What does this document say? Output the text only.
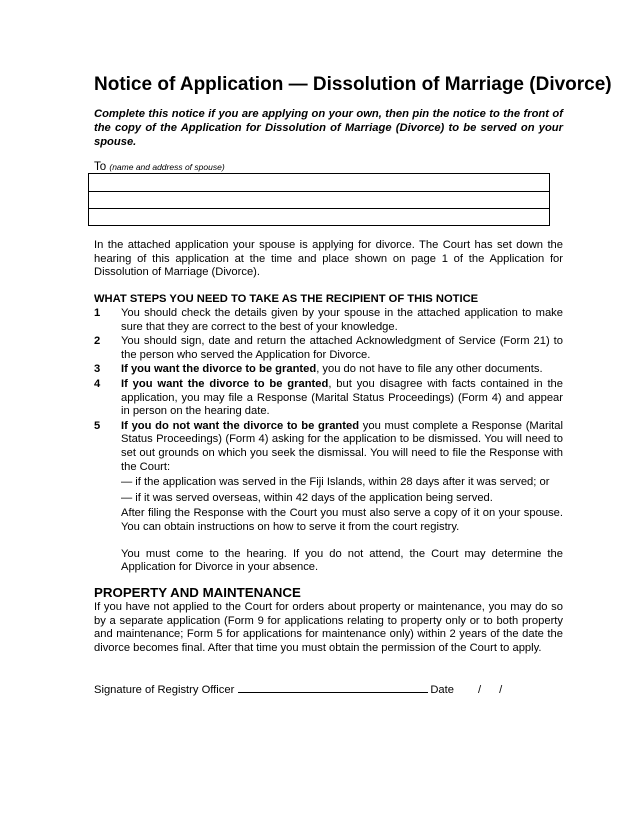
Notice of Application — Dissolution of Marriage (Divorce)
Complete this notice if you are applying on your own, then pin the notice to the front of the copy of the Application for Dissolution of Marriage (Divorce) to be served on your spouse.
To (name and address of spouse)
In the attached application your spouse is applying for divorce. The Court has set down the hearing of this application at the time and place shown on page 1 of the Application for Dissolution of Marriage (Divorce).
WHAT STEPS YOU NEED TO TAKE AS THE RECIPIENT OF THIS NOTICE
1	You should check the details given by your spouse in the attached application to make sure that they are correct to the best of your knowledge.
2	You should sign, date and return the attached Acknowledgment of Service (Form 21) to the person who served the Application for Divorce.
3	If you want the divorce to be granted, you do not have to file any other documents.
4	If you want the divorce to be granted, but you disagree with facts contained in the application, you may file a Response (Marital Status Proceedings) (Form 4) and appear in person on the hearing date.
5	If you do not want the divorce to be granted you must complete a Response (Marital Status Proceedings) (Form 4) asking for the application to be dismissed. You will need to set out grounds on which you seek the dismissal. You will need to file the Response with the Court:

— if the application was served in the Fiji Islands, within 28 days after it was served; or

— if it was served overseas, within 42 days of the application being served.

After filing the Response with the Court you must also serve a copy of it on your spouse. You can obtain instructions on how to serve it from the court registry.

You must come to the hearing. If you do not attend, the Court may determine the Application for Divorce in your absence.

PROPERTY AND MAINTENANCE
If you have not applied to the Court for orders about property or maintenance, you may do so by a separate application (Form 9 for applications relating to property only or to both property and maintenance; Form 5 for applications for maintenance only) within 2 years of the date the divorce becomes final. After that time you must obtain the permission of the Court to apply.
Signature of Registry Officer	Date / /
